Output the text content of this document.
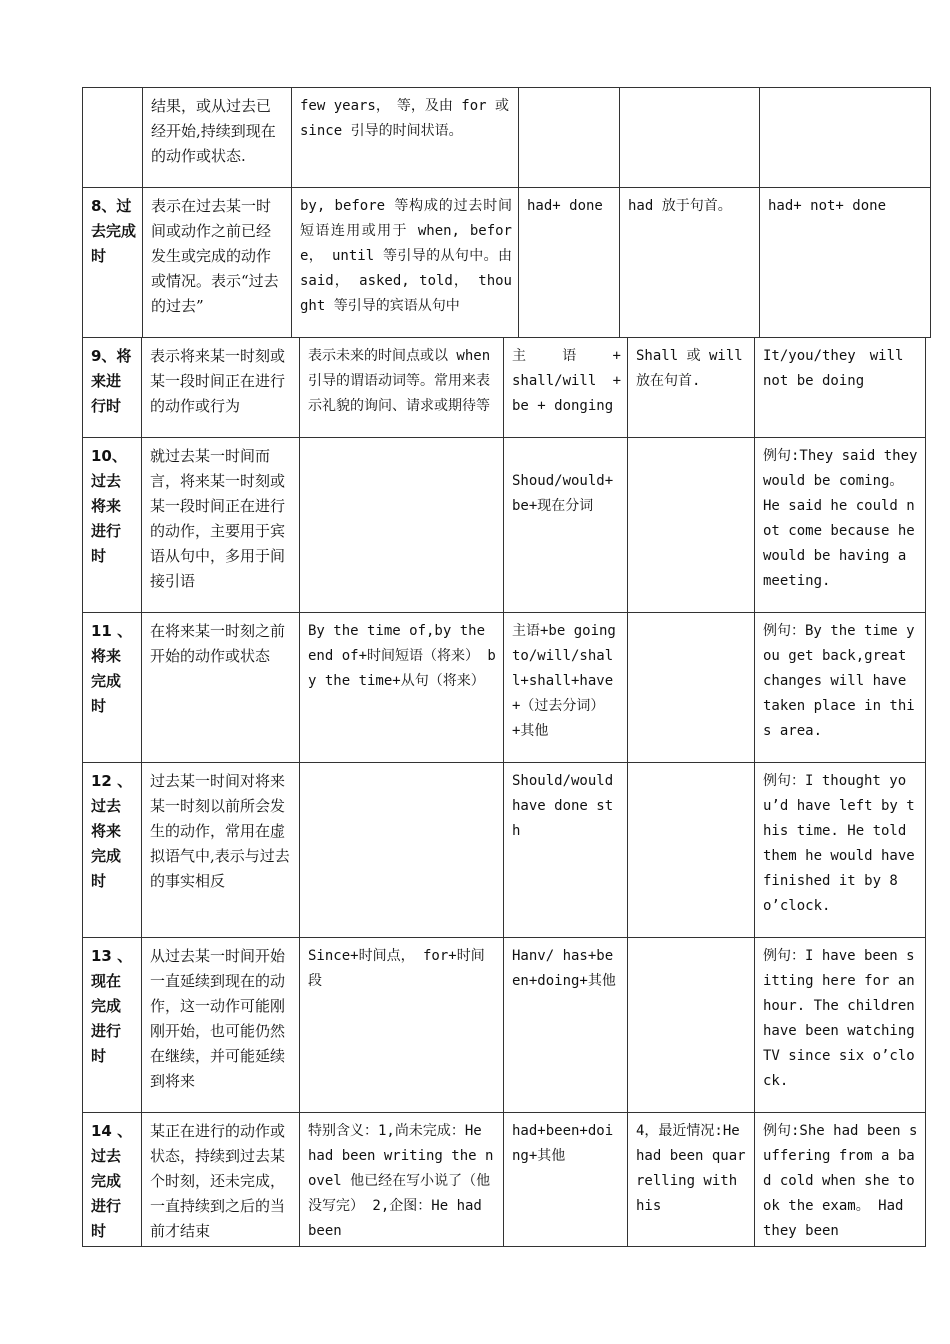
	结果，或从过去已经开始,持续到现在的动作或状态.	few years，　等，及由 for 或 since 引导的时间状语。			
8、过去完成时	表示在过去某一时间或动作之前已经发生或完成的动作或情况。表示“过去的过去”	by, before 等构成的过去时间短语连用或用于 when, before， until 等引导的从句中。由 said， asked, told， thought 等引导的宾语从句中	had+ done	had 放于句首。	had+ not+ done
9、将来进行时	表示将来某一时刻或某一段时间正在进行的动作或行为	表示未来的时间点或以 when 引导的谓语动词等。常用来表示礼貌的询问、请求或期待等	主　　语　　+ shall/will　+ be + donging	Shall 或 will 放在句首.	It/you/they　will not be doing
10、过去将来进行时	就过去某一时间而言，将来某一时刻或某一段时间正在进行的动作，主要用于宾语从句中，多用于间接引语		Shoud/would+be+现在分词		例句:They said they would be coming。 He said he could not come because he would be having a meeting.
11 、将来完成时	在将来某一时刻之前开始的动作或状态	By the time of,by the end of+时间短语（将来） by the time+从句（将来）	主语+be going to/will/shall+shall+have+（过去分词）+其他		例句：By the time you get back,great changes will have taken place in this area.
12 、过去将来完成时	过去某一时间对将来某一时刻以前所会发生的动作，常用在虚拟语气中,表示与过去的事实相反		Should/would have done sth		例句：I thought you’d have left by this time. He told them he would have finished it by 8 o’clock.
13 、现在完成进行时	从过去某一时间开始一直延续到现在的动作，这一动作可能刚刚开始，也可能仍然在继续，并可能延续到将来	Since+时间点， for+时间段	Hanv/ has+been+doing+其他		例句：I have been sitting here for an hour. The children have been watching TV since six o’clock.
14 、过去完成进行时	某正在进行的动作或状态，持续到过去某个时刻，还未完成，一直持续到之后的当前才结束	特别含义：1,尚未完成：He had been writing the novel 他已经在写小说了（他没写完） 2,企图：He had been	had+been+doing+其他	4，最近情况:He had been quarrelling with his	例句:She had been suffering from a bad cold when she took the exam。 Had they been
